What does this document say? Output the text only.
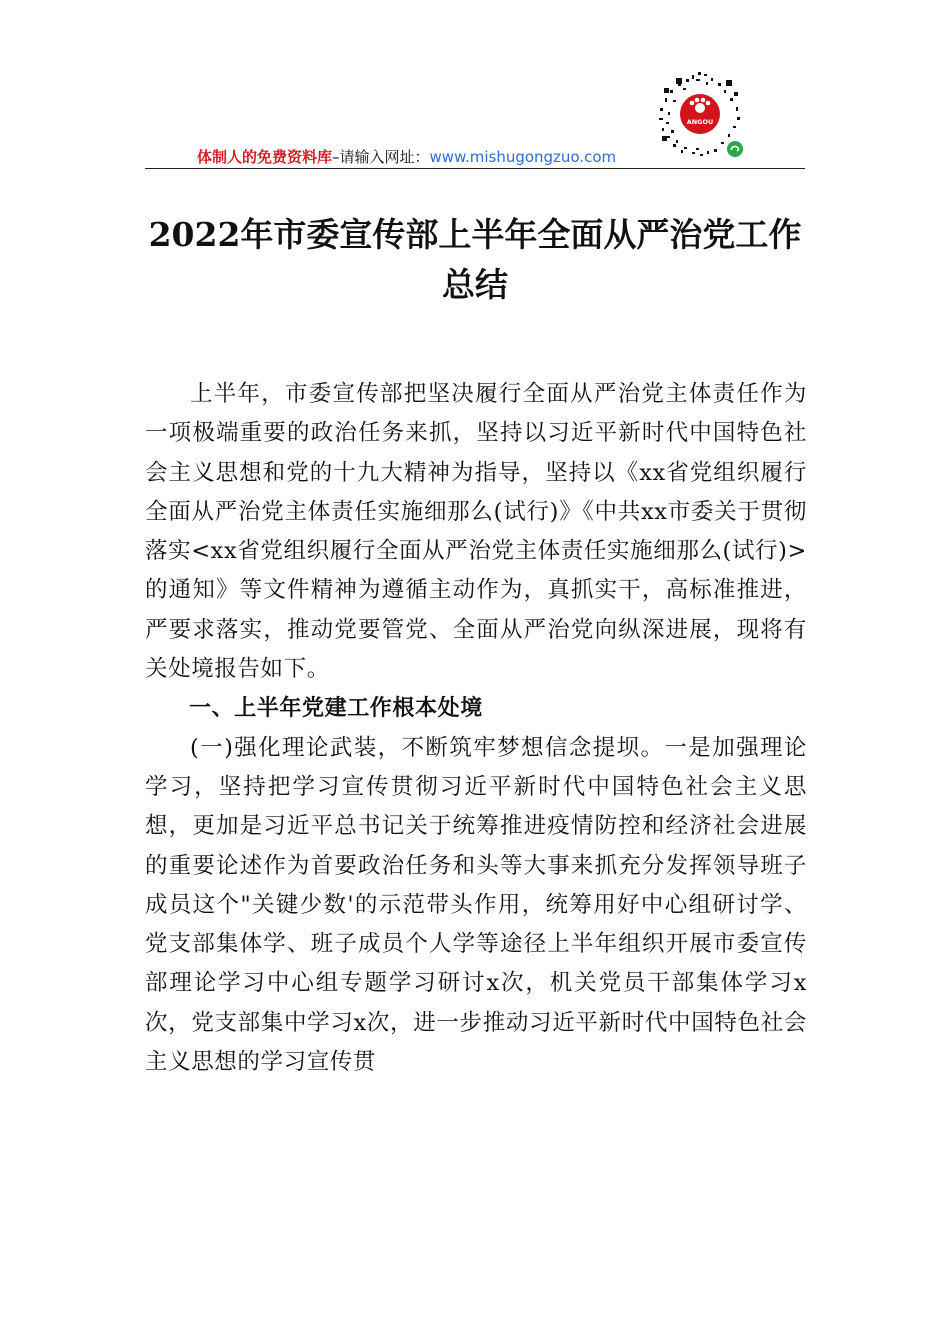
体制人的免费资料库–请输入网址：www.mishugongzuo.com
ANGOU
2022年市委宣传部上半年全面从严治党工作总结

上半年，市委宣传部把坚决履行全面从严治党主体责任作为一项极端重要的政治任务来抓，坚持以习近平新时代中国特色社会主义思想和党的十九大精神为指导，坚持以《xx省党组织履行全面从严治党主体责任实施细那么(试行)》《中共xx市委关于贯彻落实<xx省党组织履行全面从严治党主体责任实施细那么(试行)>的通知》等文件精神为遵循主动作为，真抓实干，高标准推进，严要求落实，推动党要管党、全面从严治党向纵深进展，现将有关处境报告如下。

一、上半年党建工作根本处境

(一)强化理论武装，不断筑牢梦想信念提坝。一是加强理论学习，坚持把学习宣传贯彻习近平新时代中国特色社会主义思想，更加是习近平总书记关于统筹推进疫情防控和经济社会进展的重要论述作为首要政治任务和头等大事来抓充分发挥领导班子成员这个"关键少数'的示范带头作用，统筹用好中心组研讨学、党支部集体学、班子成员个人学等途径上半年组织开展市委宣传部理论学习中心组专题学习研讨x次，机关党员干部集体学习x次，党支部集中学习x次，进一步推动习近平新时代中国特色社会主义思想的学习宣传贯
